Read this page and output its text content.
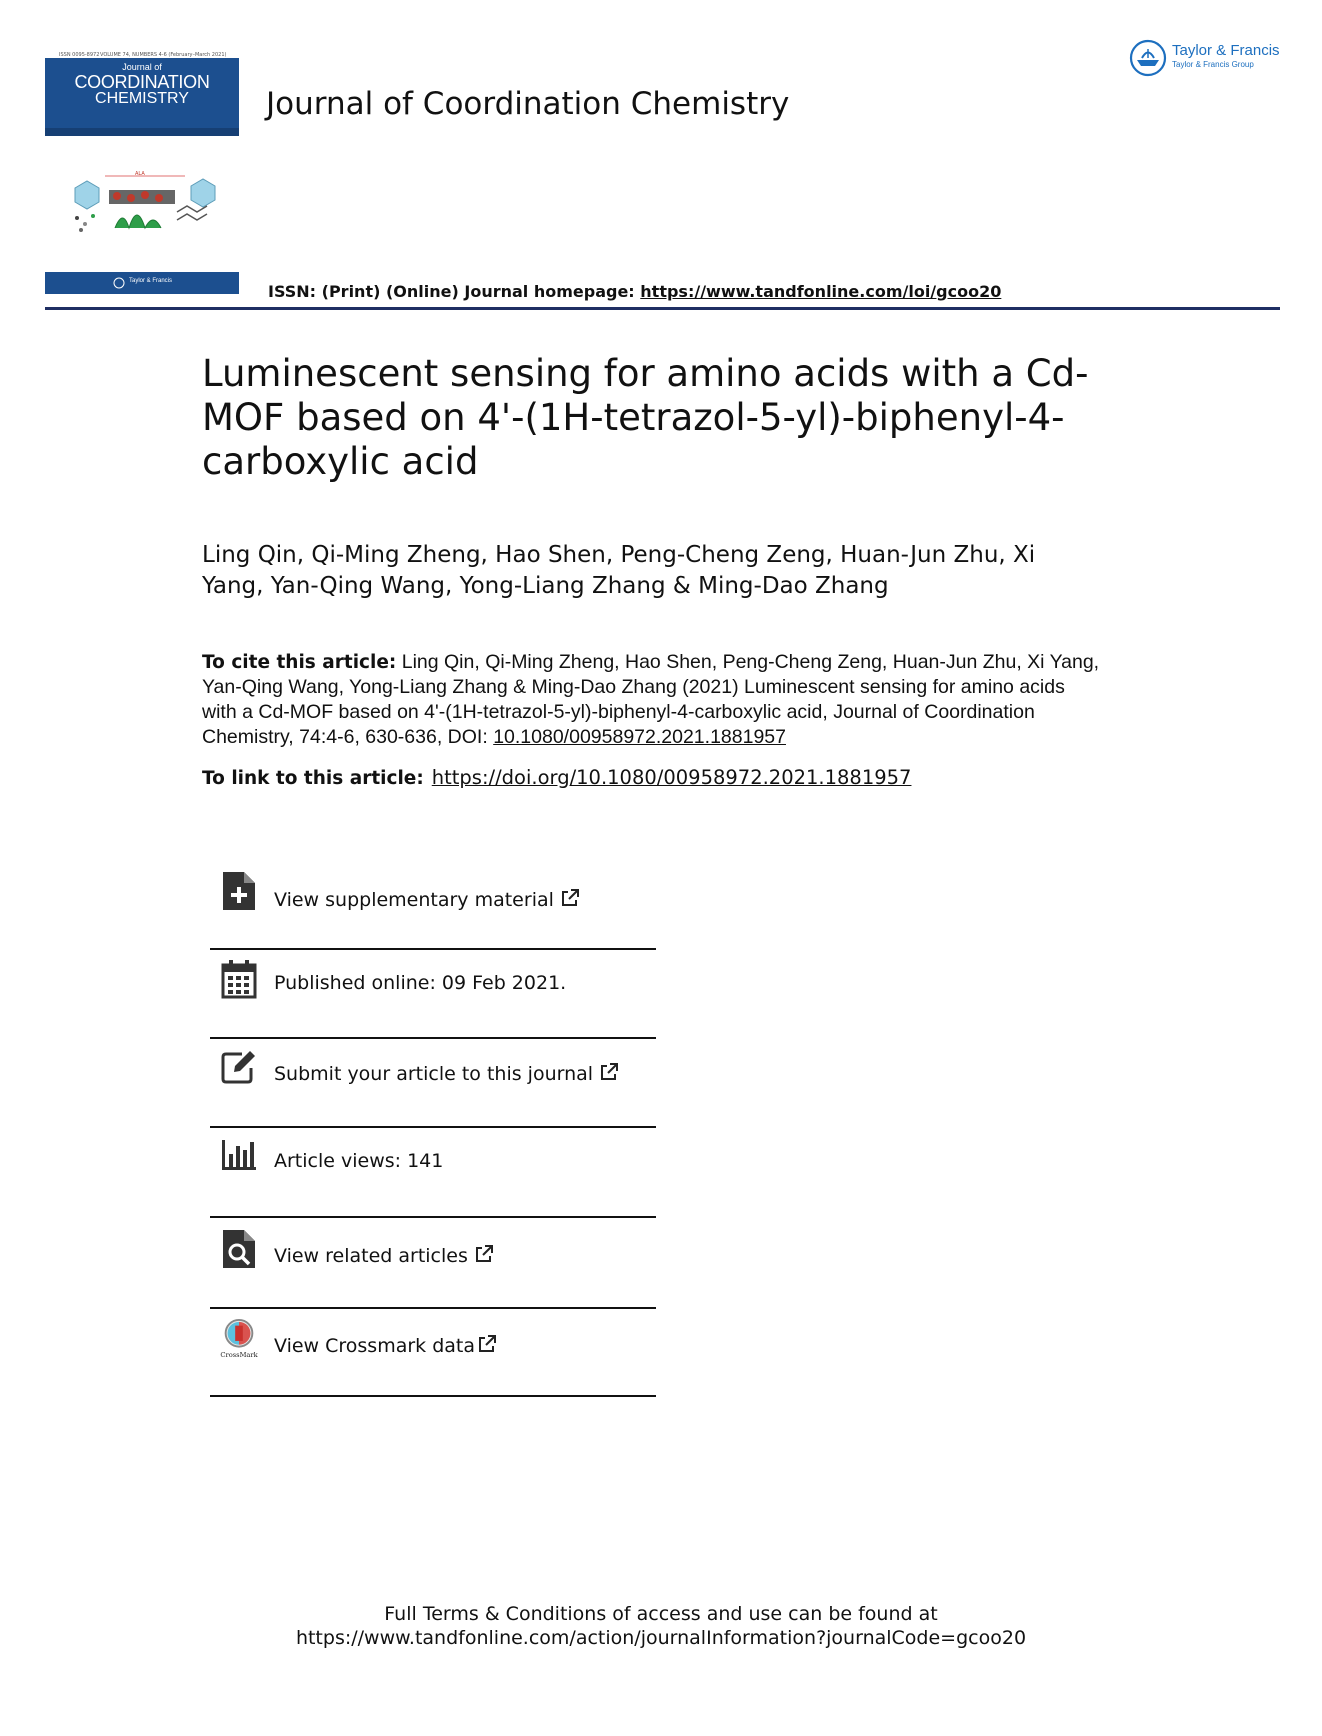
ISSN 0095-8972 VOLUME 74, NUMBERS 4-6 (February–March 2021)
Journal of
COORDINATION
CHEMISTRY
ALA
Taylor & Francis
Journal of Coordination Chemistry
Taylor & Francis
Taylor & Francis Group
ISSN: (Print) (Online) Journal homepage: https://www.tandfonline.com/loi/gcoo20
Luminescent sensing for amino acids with a Cd-MOF based on 4'-(1H-tetrazol-5-yl)-biphenyl-4-carboxylic acid
Ling Qin, Qi-Ming Zheng, Hao Shen, Peng-Cheng Zeng, Huan-Jun Zhu, Xi Yang, Yan-Qing Wang, Yong-Liang Zhang & Ming-Dao Zhang
To cite this article: Ling Qin, Qi-Ming Zheng, Hao Shen, Peng-Cheng Zeng, Huan-Jun Zhu, Xi Yang, Yan-Qing Wang, Yong-Liang Zhang & Ming-Dao Zhang (2021) Luminescent sensing for amino acids with a Cd-MOF based on 4'-(1H-tetrazol-5-yl)-biphenyl-4-carboxylic acid, Journal of Coordination Chemistry, 74:4-6, 630-636, DOI: 10.1080/00958972.2021.1881957
To link to this article: https://doi.org/10.1080/00958972.2021.1881957
View supplementary material
Published online: 09 Feb 2021.
Submit your article to this journal
Article views: 141
View related articles
CrossMark View Crossmark data
Full Terms & Conditions of access and use can be found at
https://www.tandfonline.com/action/journalInformation?journalCode=gcoo20
